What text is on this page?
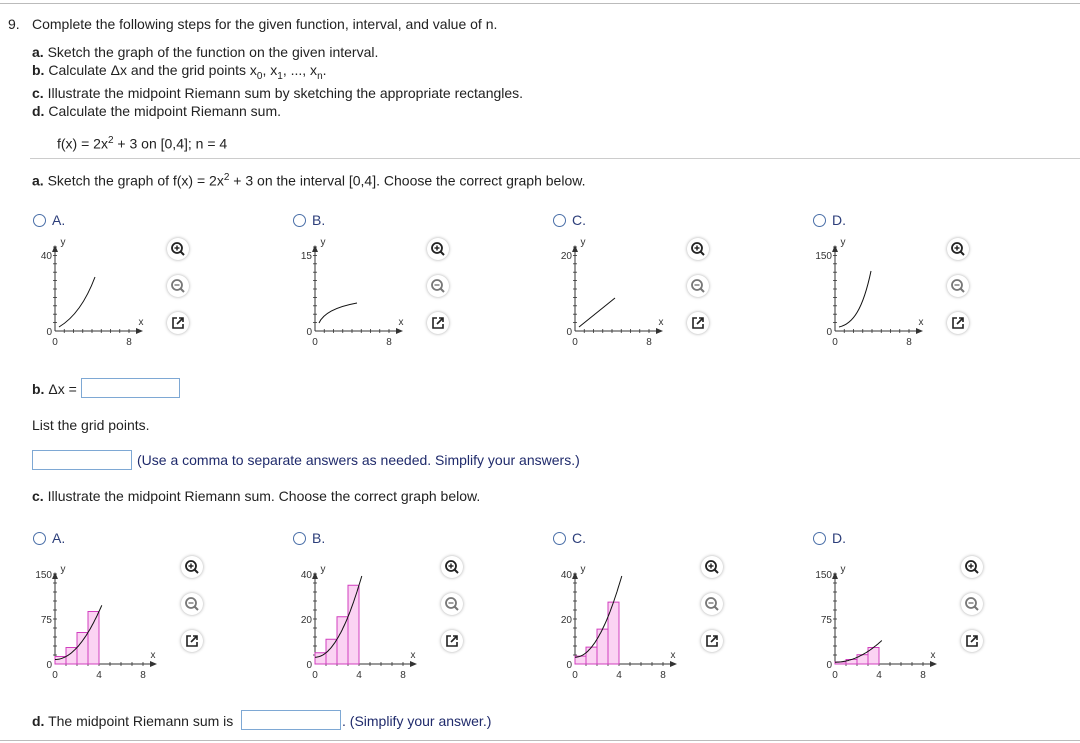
9. Complete the following steps for the given function, interval, and value of n.
a. Sketch the graph of the function on the given interval.
b. Calculate Δx and the grid points $x_0$, $x_1$, ..., $x_n$.
c. Illustrate the midpoint Riemann sum by sketching the appropriate rectangles.
d. Calculate the midpoint Riemann sum.
$f(x) = 2x^2 + 3$ on [0,4]; n = 4
a. Sketch the graph of $f(x) = 2x^2 + 3$ on the interval [0,4]. Choose the correct graph below.
A.
40
0
0	8
x
y
B.
15
0
0	8
x
y
C.
20
0
0	8
x
y
D.
150
0
0	8
x
y
b. Δx =
List the grid points.
(Use a comma to separate answers as needed. Simplify your answers.)
c. Illustrate the midpoint Riemann sum. Choose the correct graph below.
A.
150
75
0
0	4	8
x
y
B.
40
20
0
0	4	8
x
y
C.
40
20
0
0	4	8
x
y
D.
150
75
0
0	4	8
x
y
d. The midpoint Riemann sum is	. (Simplify your answer.)
